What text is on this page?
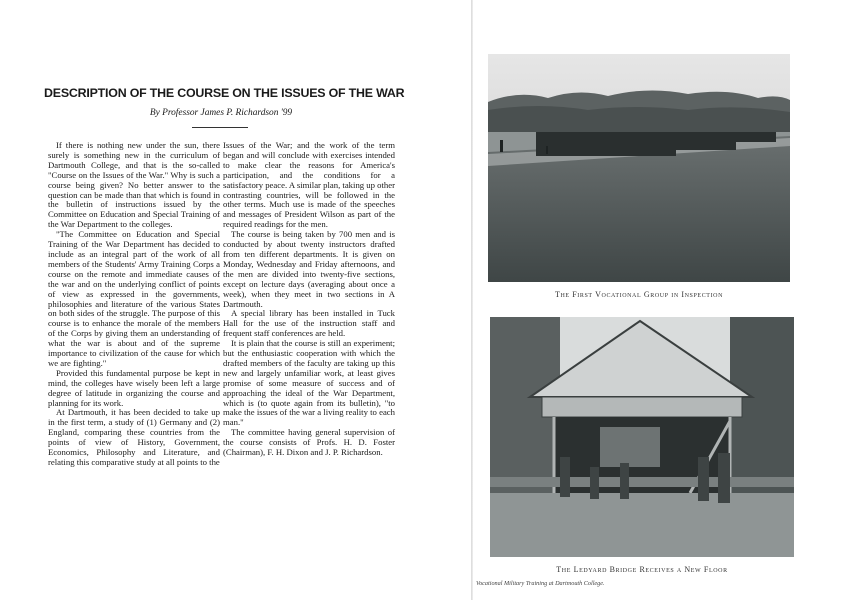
DESCRIPTION OF THE COURSE ON THE ISSUES OF THE WAR

By Professor James P. Richardson '99

If there is nothing new under the sun, there surely is something new in the curriculum of Dartmouth College, and that is the so-called "Course on the Issues of the War." Why is such a course being given? No better answer to the question can be made than that which is found in the bulletin of instructions issued by the Committee on Education and Special Training of the War Department to the colleges.

"The Committee on Education and Special Training of the War Department has decided to include as an integral part of the work of all members of the Students' Army Training Corps a course on the remote and immediate causes of the war and on the underlying conflict of points of view as expressed in the governments, philosophies and literature of the various States on both sides of the struggle. The purpose of this course is to enhance the morale of the members of the Corps by giving them an understanding of what the war is about and of the supreme importance to civilization of the cause for which we are fighting."

Provided this fundamental purpose be kept in mind, the colleges have wisely been left a large degree of latitude in organizing the course and planning for its work.

At Dartmouth, it has been decided to take up in the first term, a study of (1) Germany and (2) England, comparing these countries from the points of view of History, Government, Economics, Philosophy and Literature, and relating this comparative study at all points to the

Issues of the War; and the work of the term began and will conclude with exercises intended to make clear the reasons for America's participation, and the conditions for a satisfactory peace. A similar plan, taking up other contrasting countries, will be followed in the other terms. Much use is made of the speeches and messages of President Wilson as part of the required readings for the men.

The course is being taken by 700 men and is conducted by about twenty instructors drafted from ten different departments. It is given on Monday, Wednesday and Friday afternoons, and the men are divided into twenty-five sections, except on lecture days (averaging about once a week), when they meet in two sections in A Dartmouth.

A special library has been installed in Tuck Hall for the use of the instruction staff and frequent staff conferences are held.

It is plain that the course is still an experiment; but the enthusiastic cooperation with which the drafted members of the faculty are taking up this new and largely unfamiliar work, at least gives promise of some measure of success and of approaching the ideal of the War Department, which is (to quote again from its bulletin), "to make the issues of the war a living reality to each man."

The committee having general supervision of the course consists of Profs. H. D. Foster (Chairman), F. H. Dixon and J. P. Richardson.

The First Vocational Group in Inspection
The Ledyard Bridge Receives a New Floor
Vocational Military Training at Dartmouth College.
